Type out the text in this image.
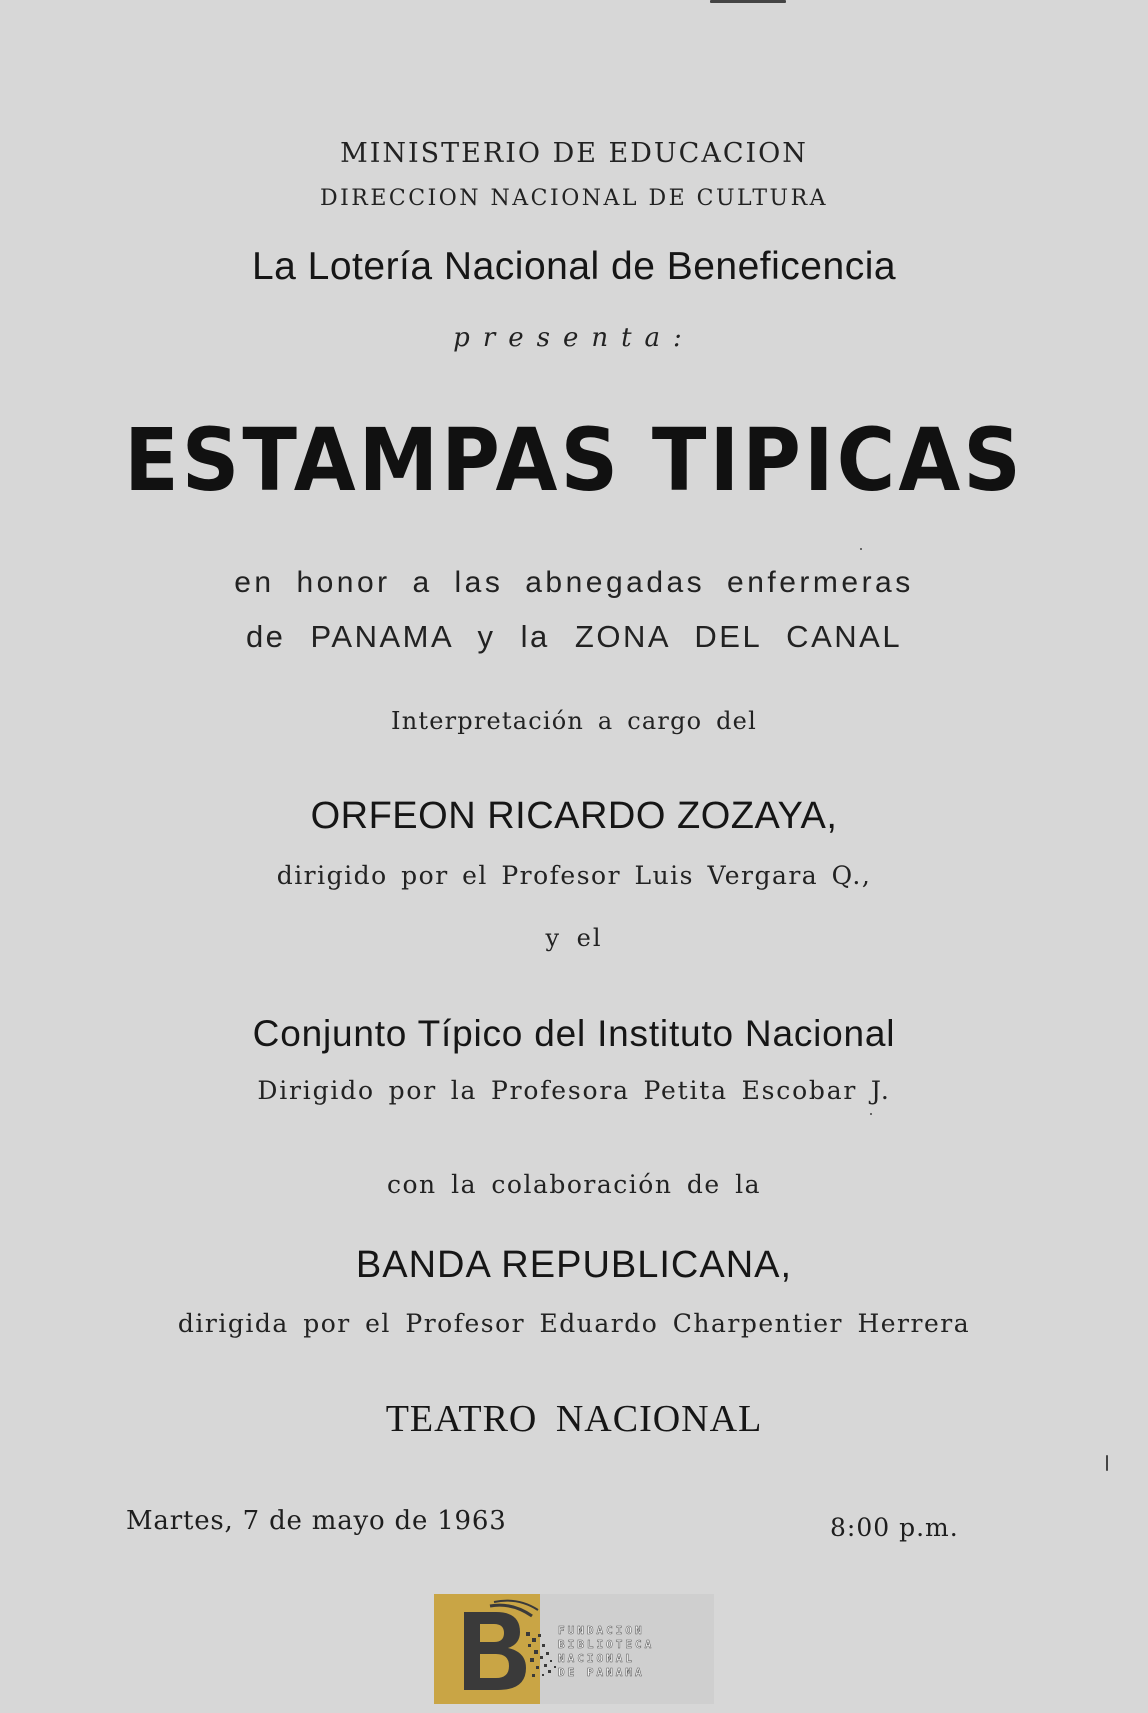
MINISTERIO DE EDUCACION
DIRECCION NACIONAL DE CULTURA
La Lotería Nacional de Beneficencia
presenta:
ESTAMPAS TIPICAS
en honor a las abnegadas enfermeras
de PANAMA y la ZONA DEL CANAL
Interpretación a cargo del
ORFEON RICARDO ZOZAYA,
dirigido por el Profesor Luis Vergara Q.,
y el
Conjunto Típico del Instituto Nacional
Dirigido por la Profesora Petita Escobar J.
con la colaboración de la
BANDA REPUBLICANA,
dirigida por el Profesor Eduardo Charpentier Herrera
TEATRO NACIONAL
Martes, 7 de mayo de 1963	8:00 p.m.
FUNDACION
BIBLIOTECA
NACIONAL
DE PANAMA
